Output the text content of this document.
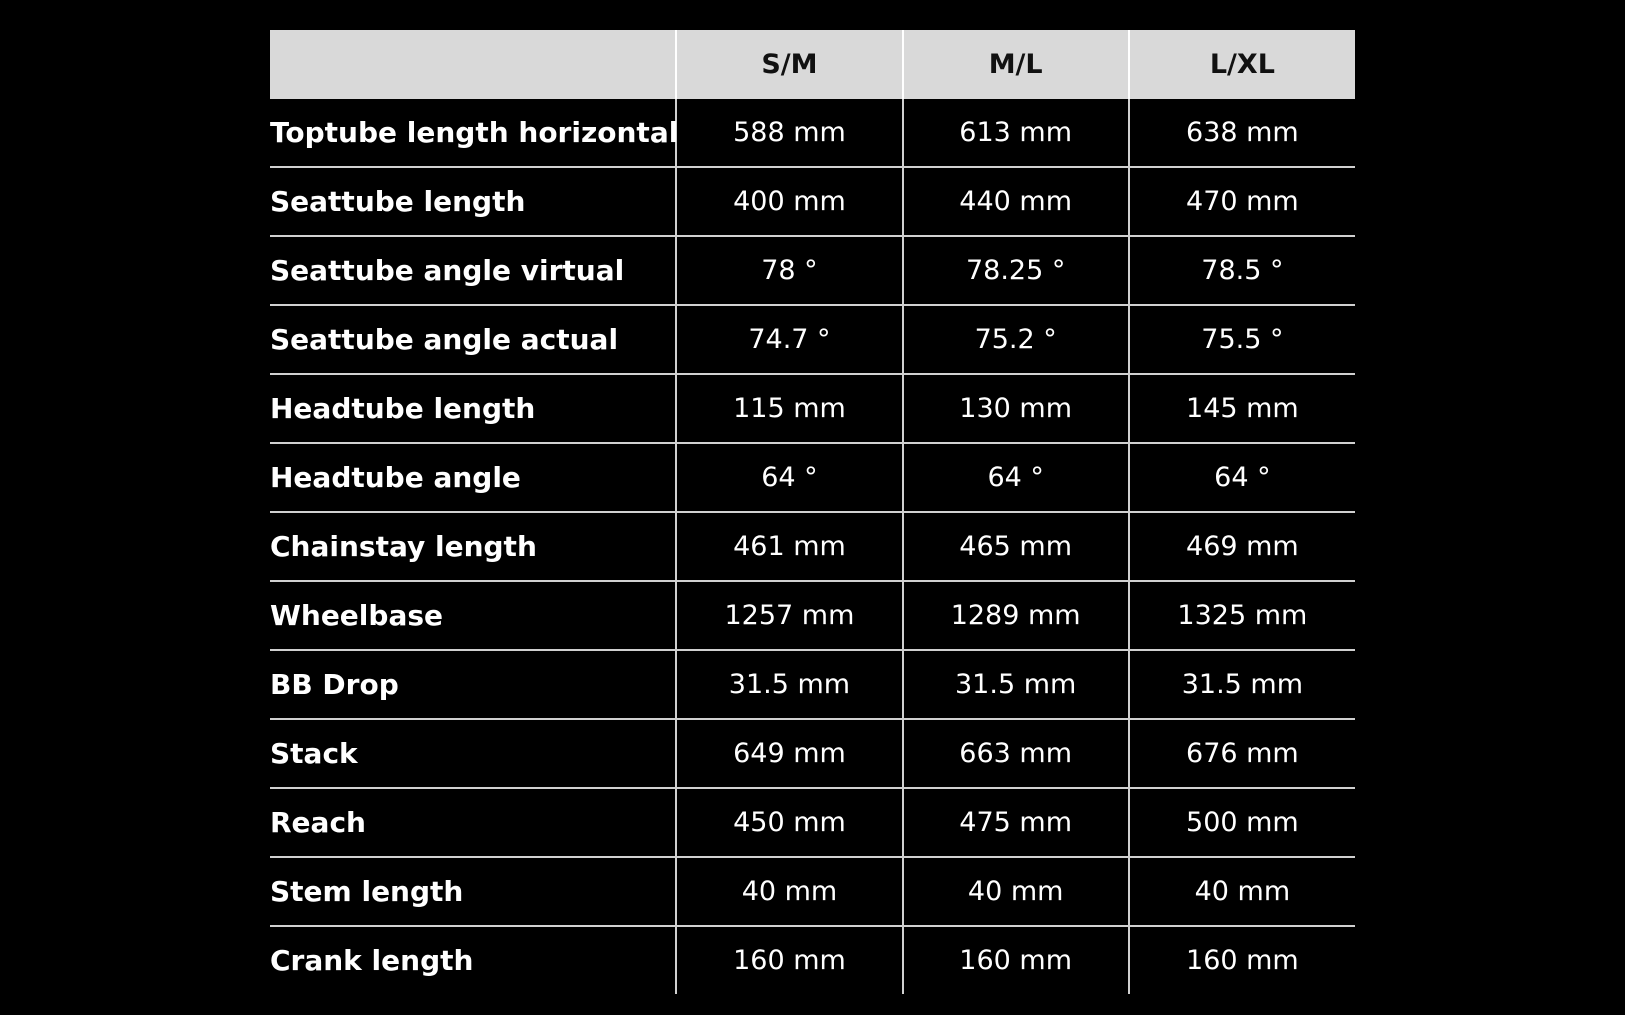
	S/M	M/L	L/XL
Toptube length horizontal	588 mm	613 mm	638 mm
Seattube length	400 mm	440 mm	470 mm
Seattube angle virtual	78 °	78.25 °	78.5 °
Seattube angle actual	74.7 °	75.2 °	75.5 °
Headtube length	115 mm	130 mm	145 mm
Headtube angle	64 °	64 °	64 °
Chainstay length	461 mm	465 mm	469 mm
Wheelbase	1257 mm	1289 mm	1325 mm
BB Drop	31.5 mm	31.5 mm	31.5 mm
Stack	649 mm	663 mm	676 mm
Reach	450 mm	475 mm	500 mm
Stem length	40 mm	40 mm	40 mm
Crank length	160 mm	160 mm	160 mm
